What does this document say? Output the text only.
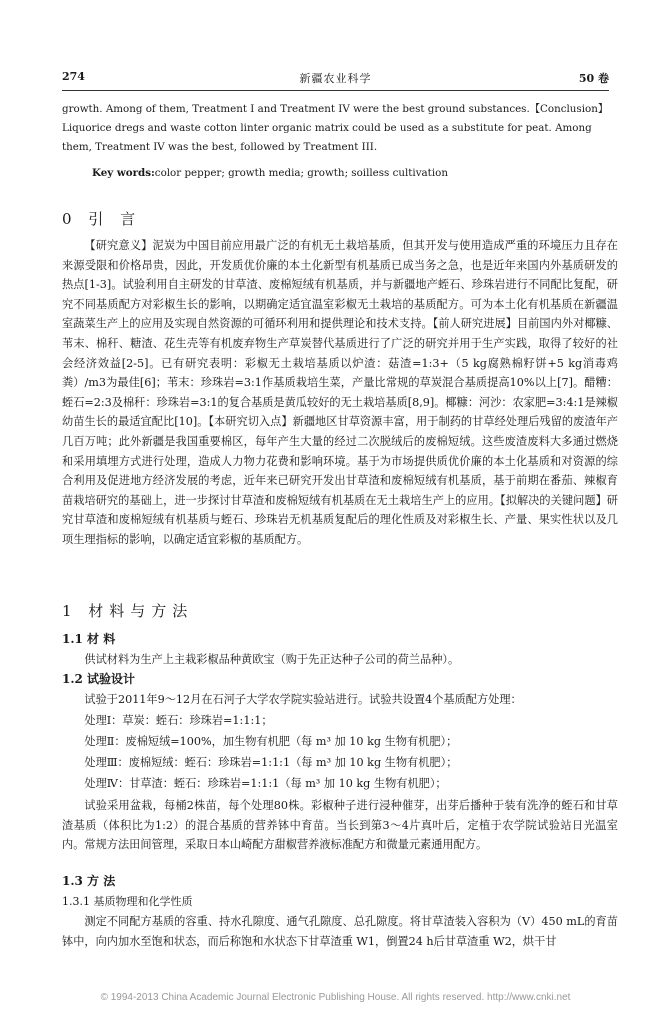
274	新疆农业科学	50 卷

growth. Among of them, Treatment I and Treatment IV were the best ground substances.【Conclusion】Liquorice dregs and waste cotton linter organic matrix could be used as a substitute for peat. Among them, Treatment IV was the best, followed by Treatment III.

Key words:color pepper; growth media; growth; soilless cultivation
0 引 言

【研究意义】泥炭为中国目前应用最广泛的有机无土栽培基质，但其开发与使用造成严重的环境压力且存在来源受限和价格昂贵，因此，开发质优价廉的本土化新型有机基质已成当务之急，也是近年来国内外基质研发的热点[1-3]。试验利用自主研发的甘草渣、废棉短绒有机基质，并与新疆地产蛭石、珍珠岩进行不同配比复配，研究不同基质配方对彩椒生长的影响，以期确定适宜温室彩椒无土栽培的基质配方。可为本土化有机基质在新疆温室蔬菜生产上的应用及实现自然资源的可循环利用和提供理论和技术支持。【前人研究进展】目前国内外对椰糠、苇末、棉秆、糖渣、花生壳等有机废弃物生产草炭替代基质进行了广泛的研究并用于生产实践，取得了较好的社会经济效益[2-5]。已有研究表明：彩椒无土栽培基质以炉渣：菇渣=1:3+（5 kg腐熟棉籽饼+5 kg消毒鸡粪）/m3为最佳[6]；苇末：珍珠岩=3:1作基质栽培生菜，产量比常规的草炭混合基质提高10%以上[7]。醋糟：蛭石=2:3及棉秆：珍珠岩=3:1的复合基质是黄瓜较好的无土栽培基质[8,9]。椰糠：河沙：农家肥=3:4:1是辣椒幼苗生长的最适宜配比[10]。【本研究切入点】新疆地区甘草资源丰富，用于制药的甘草经处理后残留的废渣年产几百万吨；此外新疆是我国重要棉区，每年产生大量的经过二次脱绒后的废棉短绒。这些废渣废料大多通过燃烧和采用填埋方式进行处理，造成人力物力花费和影响环境。基于为市场提供质优价廉的本土化基质和对资源的综合利用及促进地方经济发展的考虑，近年来已研究开发出甘草渣和废棉短绒有机基质，基于前期在番茄、辣椒育苗栽培研究的基础上，进一步探讨甘草渣和废棉短绒有机基质在无土栽培生产上的应用。【拟解决的关键问题】研究甘草渣和废棉短绒有机基质与蛭石、珍珠岩无机基质复配后的理化性质及对彩椒生长、产量、果实性状以及几项生理指标的影响，以确定适宜彩椒的基质配方。

1 材料与方法
1.1 材 料

供试材料为生产上主栽彩椒品种黄欧宝（购于先正达种子公司的荷兰品种）。

1.2 试验设计

试验于2011年9～12月在石河子大学农学院实验站进行。试验共设置4个基质配方处理：

处理Ⅰ：草炭：蛭石：珍珠岩=1:1:1；
处理Ⅱ：废棉短绒=100%，加生物有机肥（每 m³ 加 10 kg 生物有机肥）；
处理Ⅲ：废棉短绒：蛭石：珍珠岩=1:1:1（每 m³ 加 10 kg 生物有机肥）；
处理Ⅳ：甘草渣：蛭石：珍珠岩=1:1:1（每 m³ 加 10 kg 生物有机肥）；

试验采用盆栽，每桶2株苗，每个处理80株。彩椒种子进行浸种催芽，出芽后播种于装有洗净的蛭石和甘草渣基质（体积比为1:2）的混合基质的营养钵中育苗。当长到第3～4片真叶后，定植于农学院试验站日光温室内。常规方法田间管理，采取日本山崎配方甜椒营养液标准配方和微量元素通用配方。

1.3 方 法
1.3.1 基质物理和化学性质

测定不同配方基质的容重、持水孔隙度、通气孔隙度、总孔隙度。将甘草渣装入容积为（V）450 mL的育苗钵中，向内加水至饱和状态，而后称饱和水状态下甘草渣重 W1，倒置24 h后甘草渣重 W2，烘干甘

© 1994-2013 China Academic Journal Electronic Publishing House. All rights reserved. http://www.cnki.net
